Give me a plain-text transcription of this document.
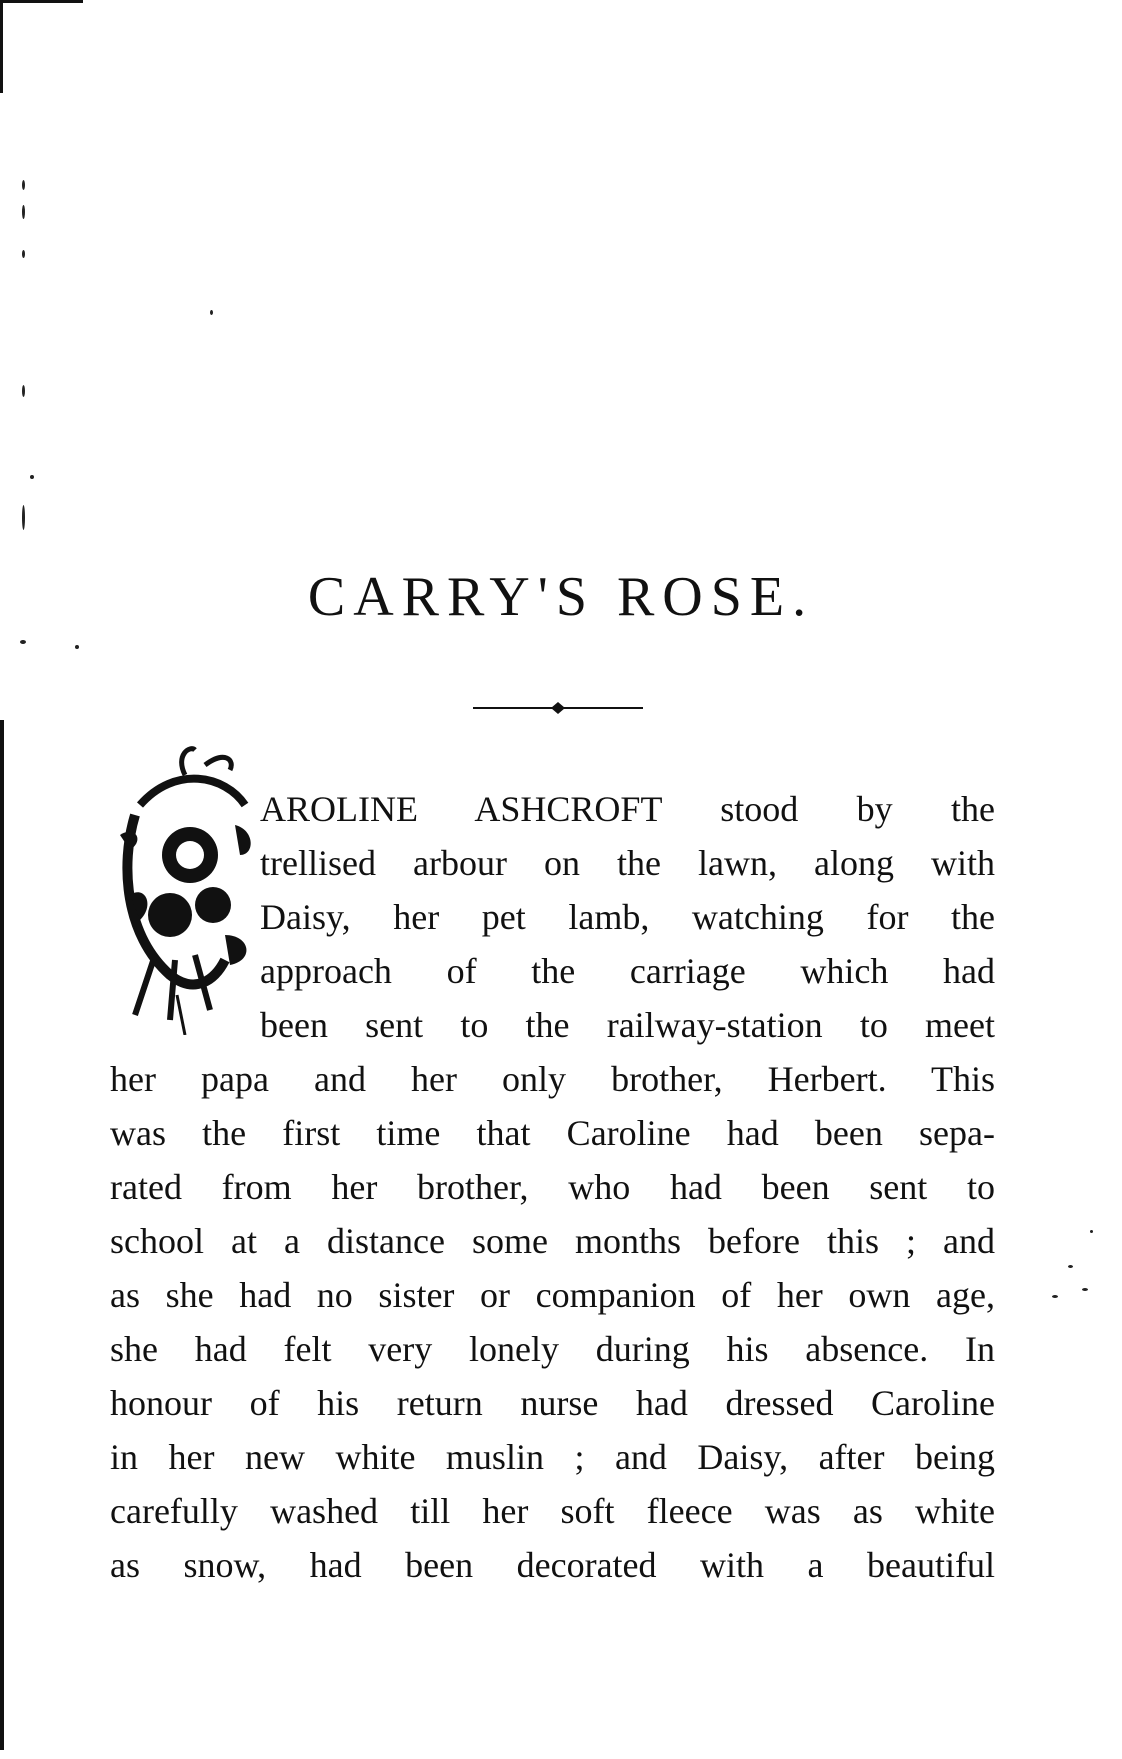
CARRY'S ROSE.
AROLINE ASHCROFT stood by the
trellised arbour on the lawn, along with
Daisy, her pet lamb, watching for the
approach of the carriage which had
been sent to the railway-station to meet
her papa and her only brother, Herbert. This
was the first time that Caroline had been sepa-
rated from her brother, who had been sent to
school at a distance some months before this ; and
as she had no sister or companion of her own age,
she had felt very lonely during his absence. In
honour of his return nurse had dressed Caroline
in her new white muslin ; and Daisy, after being
carefully washed till her soft fleece was as white
as snow, had been decorated with a beautiful
